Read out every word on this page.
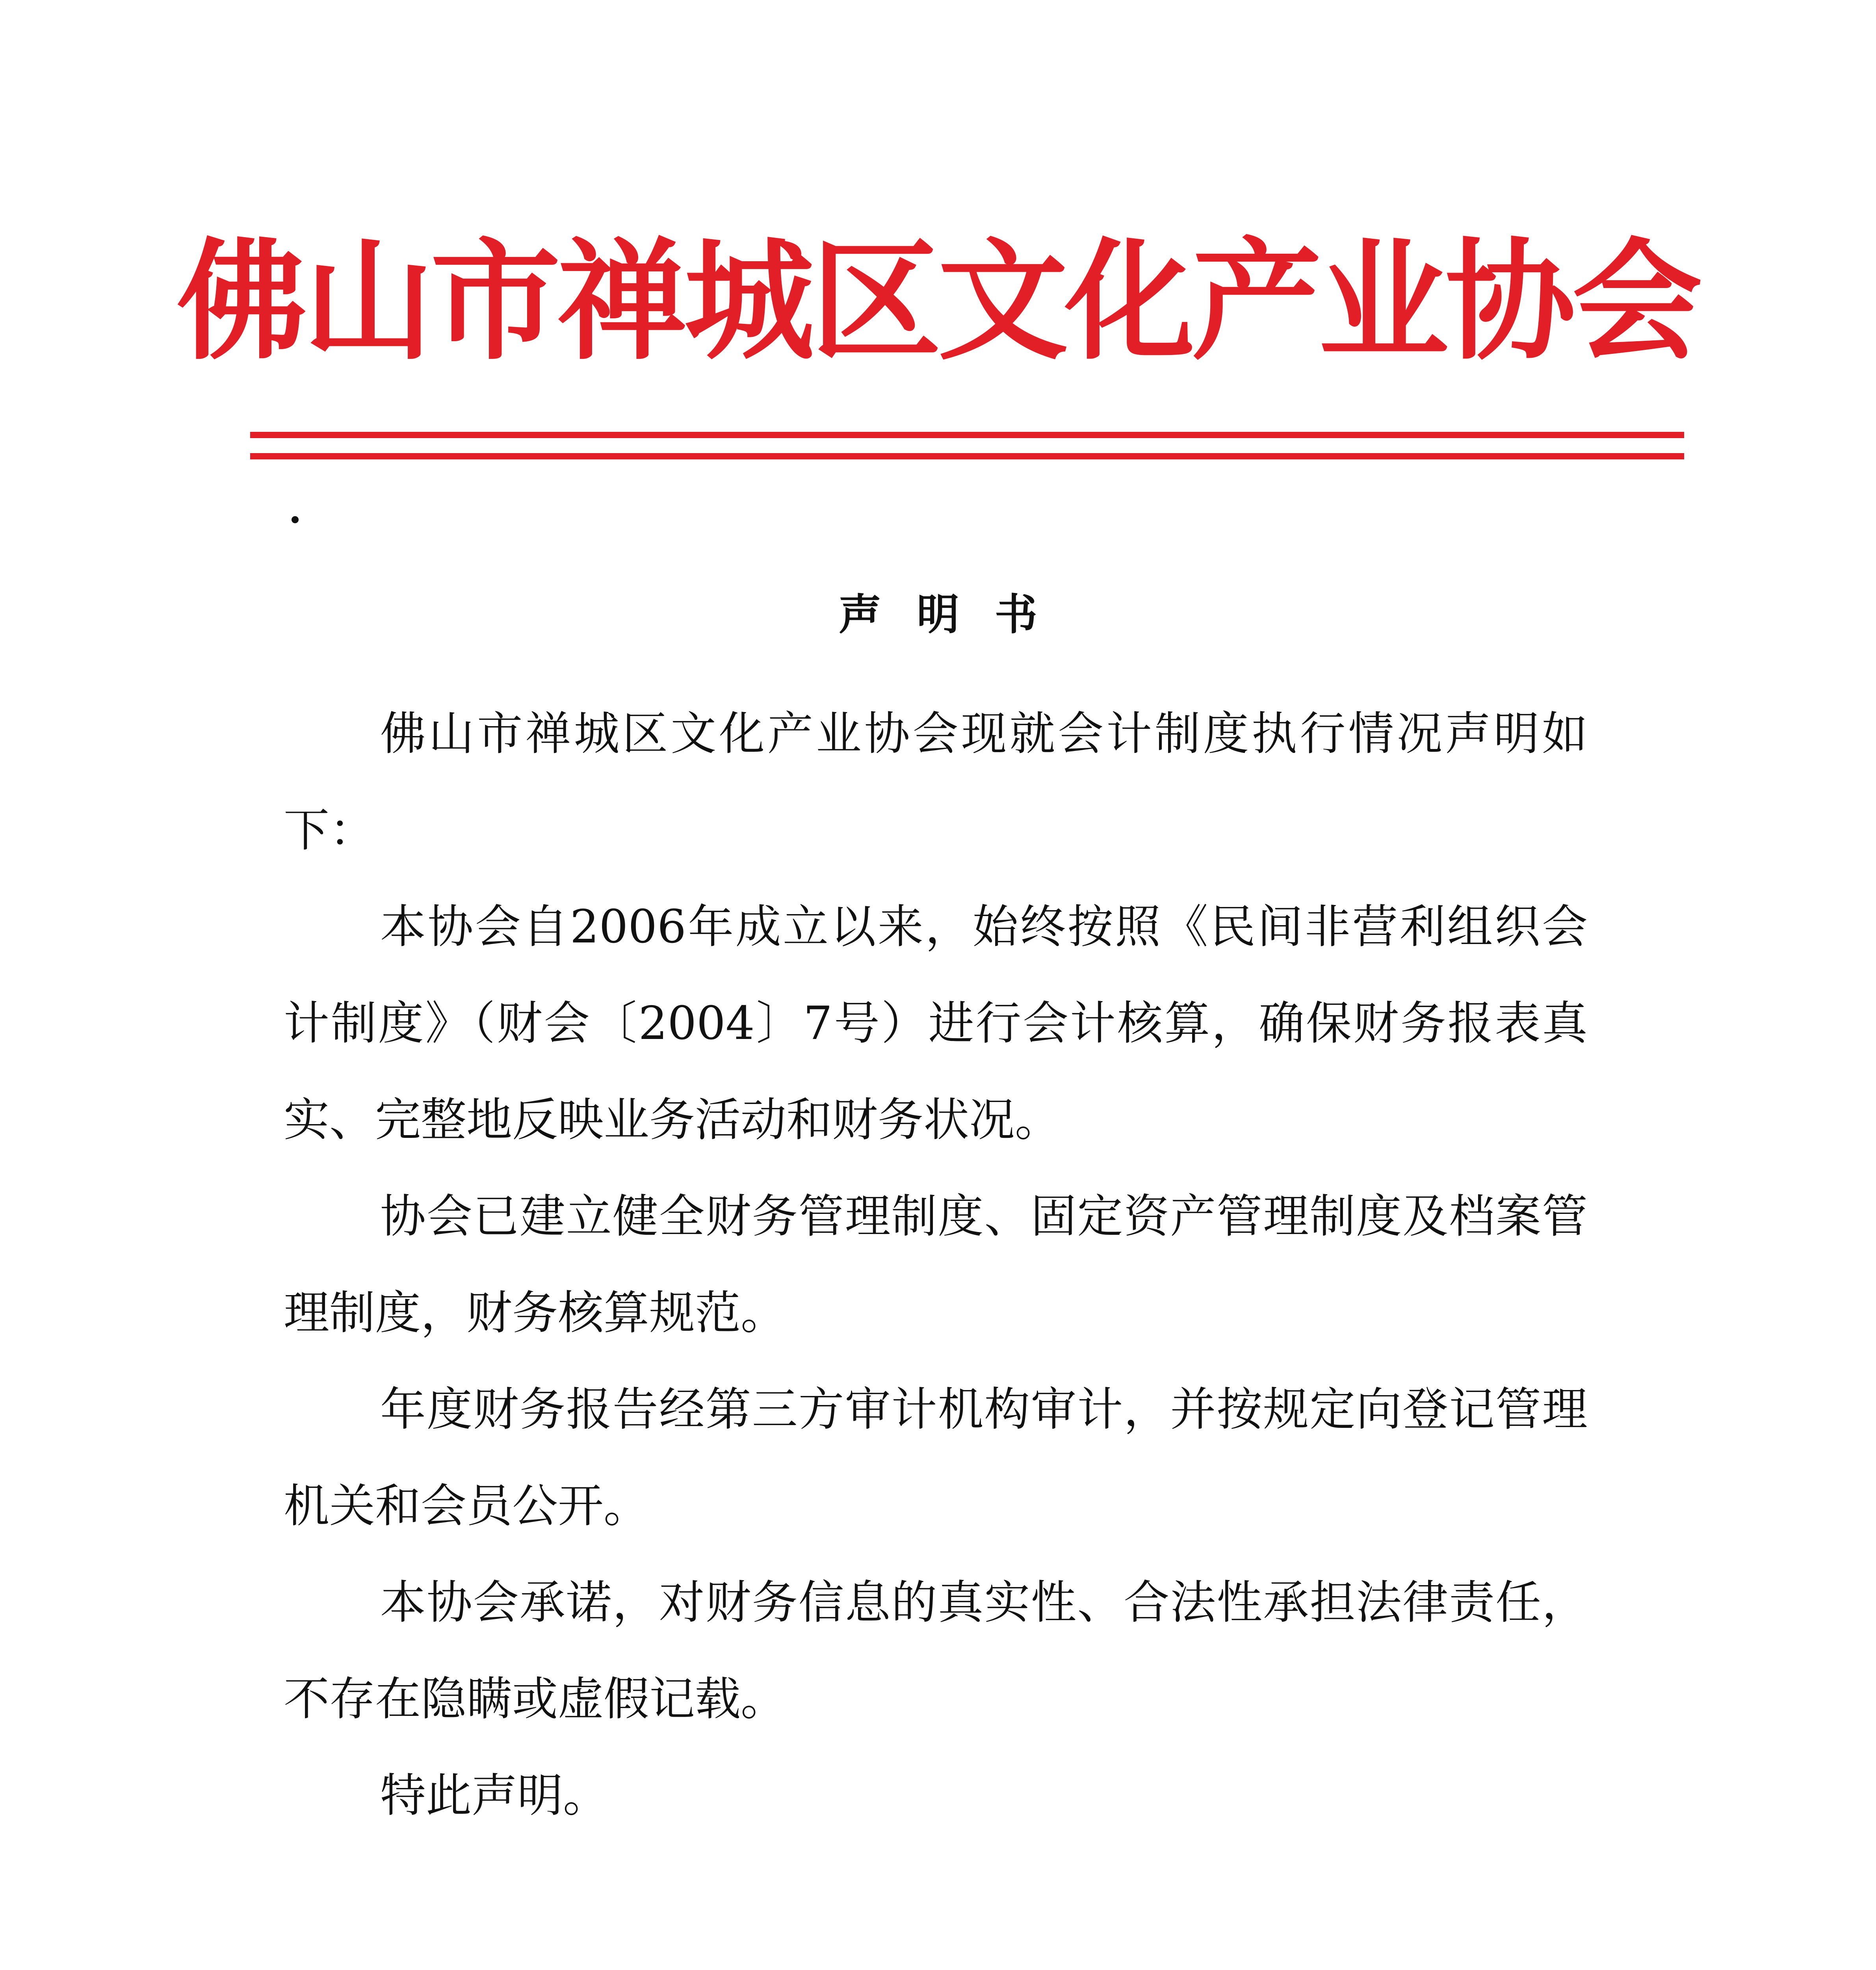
佛山市禅城区文化产业协会
声明书

佛山市禅城区文化产业协会现就会计制度执行情况声明如下：

本协会自2006年成立以来，始终按照《民间非营利组织会计制度》（财会〔2004〕7号）进行会计核算，确保财务报表真实、完整地反映业务活动和财务状况。

协会已建立健全财务管理制度、固定资产管理制度及档案管理制度，财务核算规范。

年度财务报告经第三方审计机构审计，并按规定向登记管理机关和会员公开。

本协会承诺，对财务信息的真实性、合法性承担法律责任，不存在隐瞒或虚假记载。

特此声明。
